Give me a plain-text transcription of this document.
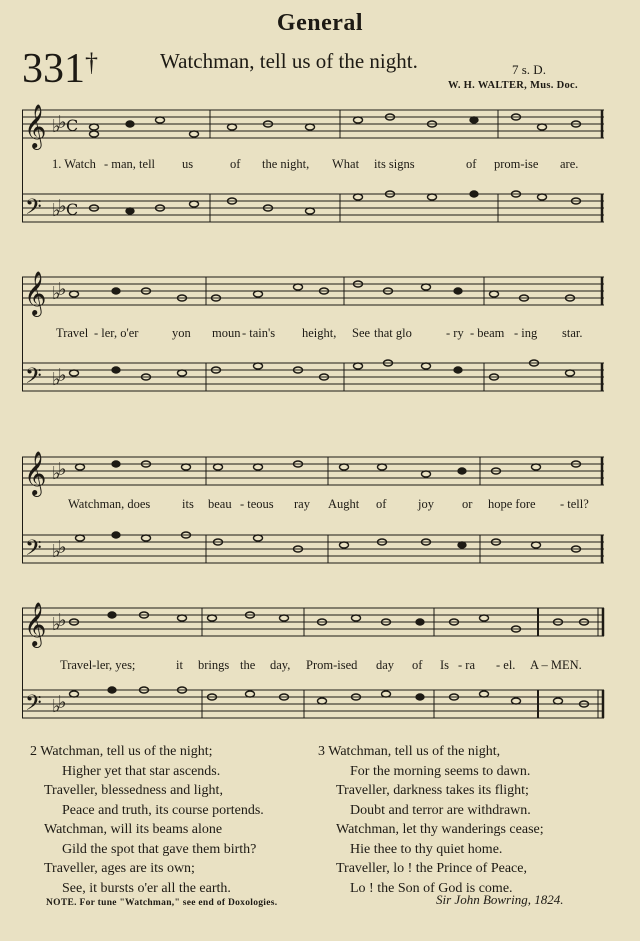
General
331†	Watchman, tell us of the night.	7 s. D.
W. H. WALTER, Mus. Doc.
𝄞
𝄢
♭
♭
♭
♭
C
C
1. Watch - man, tell us	of the night, What its signs	of prom-ise are.
𝄞
𝄢
♭
♭
♭
♭
Travel - ler, o'er	yon moun - tain's height, See that glo	- ry - beam - ing star.
𝄞
𝄢
♭
♭
♭
♭
Watchman, does	its beau - teous ray Aught of	joy or hope fore - tell?
𝄞
𝄢
♭
♭
♭
♭
Travel-ler, yes;	it brings the day, Prom-ised day of Is - ra - el. A – MEN.
2 Watchman, tell us of the night;
Higher yet that star ascends.
Traveller, blessedness and light,
Peace and truth, its course portends.
Watchman, will its beams alone
Gild the spot that gave them birth?
Traveller, ages are its own;
See, it bursts o'er all the earth.
3 Watchman, tell us of the night,
For the morning seems to dawn.
Traveller, darkness takes its flight;
Doubt and terror are withdrawn.
Watchman, let thy wanderings cease;
Hie thee to thy quiet home.
Traveller, lo ! the Prince of Peace,
Lo ! the Son of God is come.
NOTE. For tune "Watchman," see end of Doxologies.	Sir John Bowring, 1824.
